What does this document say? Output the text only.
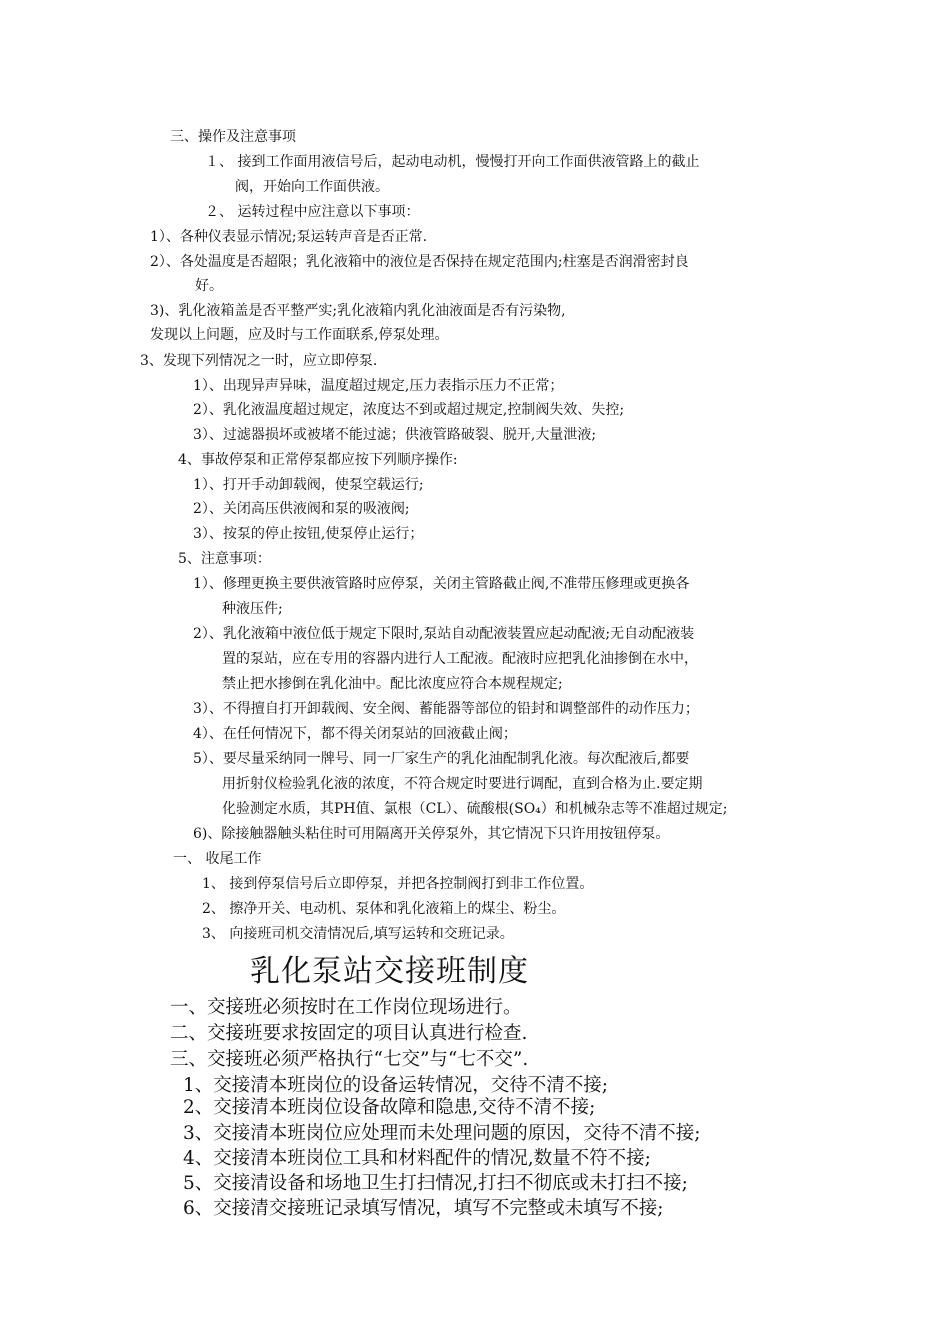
三、操作及注意事项
１、 接到工作面用液信号后，起动电动机，慢慢打开向工作面供液管路上的截止
阀，开始向工作面供液。
２、 运转过程中应注意以下事项：
1）、各种仪表显示情况;泵运转声音是否正常.
2）、各处温度是否超限；乳化液箱中的液位是否保持在规定范围内;柱塞是否润滑密封良
好。
3)、乳化液箱盖是否平整严实;乳化液箱内乳化油液面是否有污染物,
发现以上问题，应及时与工作面联系,停泵处理。
3、发现下列情况之一时，应立即停泵.
1）、出现异声异味，温度超过规定,压力表指示压力不正常；
2）、乳化液温度超过规定，浓度达不到或超过规定,控制阀失效、失控;
3）、过滤器损坏或被堵不能过滤；供液管路破裂、脱开,大量泄液;
4、事故停泵和正常停泵都应按下列顺序操作:
1）、打开手动卸载阀，使泵空载运行;
2）、关闭高压供液阀和泵的吸液阀;
3）、按泵的停止按钮,使泵停止运行；
5、注意事项：
1）、修理更换主要供液管路时应停泵，关闭主管路截止阀,不准带压修理或更换各
种液压件;
2）、乳化液箱中液位低于规定下限时,泵站自动配液装置应起动配液;无自动配液装
置的泵站，应在专用的容器内进行人工配液。配液时应把乳化油掺倒在水中，
禁止把水掺倒在乳化油中。配比浓度应符合本规程规定;
3）、不得擅自打开卸载阀、安全阀、蓄能器等部位的铅封和调整部件的动作压力；
4）、在任何情况下，都不得关闭泵站的回液截止阀；
5）、要尽量采纳同一牌号、同一厂家生产的乳化油配制乳化液。每次配液后,都要
用折射仪检验乳化液的浓度，不符合规定时要进行调配，直到合格为止.要定期
化验测定水质，其PH值、氯根（CL）、硫酸根(SO₄）和机械杂志等不准超过规定;
6)、除接触器触头粘住时可用隔离开关停泵外，其它情况下只许用按钮停泵。
一、 收尾工作
1、 接到停泵信号后立即停泵，并把各控制阀打到非工作位置。
2、 擦净开关、电动机、泵体和乳化液箱上的煤尘、粉尘。
3、 向接班司机交清情况后,填写运转和交班记录。
乳化泵站交接班制度
一、交接班必须按时在工作岗位现场进行。
二、交接班要求按固定的项目认真进行检查.
三、交接班必须严格执行“七交”与“七不交”.
1、交接清本班岗位的设备运转情况，交待不清不接;
2、交接清本班岗位设备故障和隐患,交待不清不接;
3、交接清本班岗位应处理而未处理问题的原因，交待不清不接;
4、交接清本班岗位工具和材料配件的情况,数量不符不接;
5、交接清设备和场地卫生打扫情况,打扫不彻底或未打扫不接;
6、交接清交接班记录填写情况，填写不完整或未填写不接;
